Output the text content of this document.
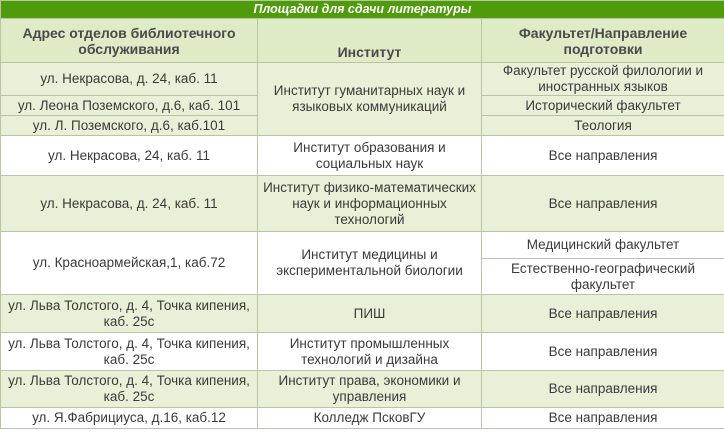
Площадки для сдачи литературы		
Адрес отделов библиотечного обслуживания	Институт	Факультет/Направление подготовки
ул. Некрасова, д. 24, каб. 11	Институт гуманитарных наук и языковых коммуникаций	Факультет русской филологии и иностранных языков
ул. Леона Поземского, д.6, каб. 101		Исторический факультет
ул. Л. Поземского, д.6, каб.101		Теология
ул. Некрасова, 24, каб. 11	Институт образования и социальных наук	Все направления
ул. Некрасова, д. 24, каб. 11	Институт физико-математических наук и информационных технологий	Все направления
ул. Красноармейская,1, каб.72	Институт медицины и экспериментальной биологии	Медицинский факультет
		Естественно-географический факультет
ул. Льва Толстого, д. 4, Точка кипения, каб. 25с	ПИШ	Все направления
ул. Льва Толстого, д. 4, Точка кипения, каб. 25с	Институт промышленных технологий и дизайна	Все направления
ул. Льва Толстого, д. 4, Точка кипения, каб. 25с	Институт права, экономики и управления	Все направления
ул. Я.Фабрициуса, д.16, каб.12	Колледж ПсковГУ	Все направления
